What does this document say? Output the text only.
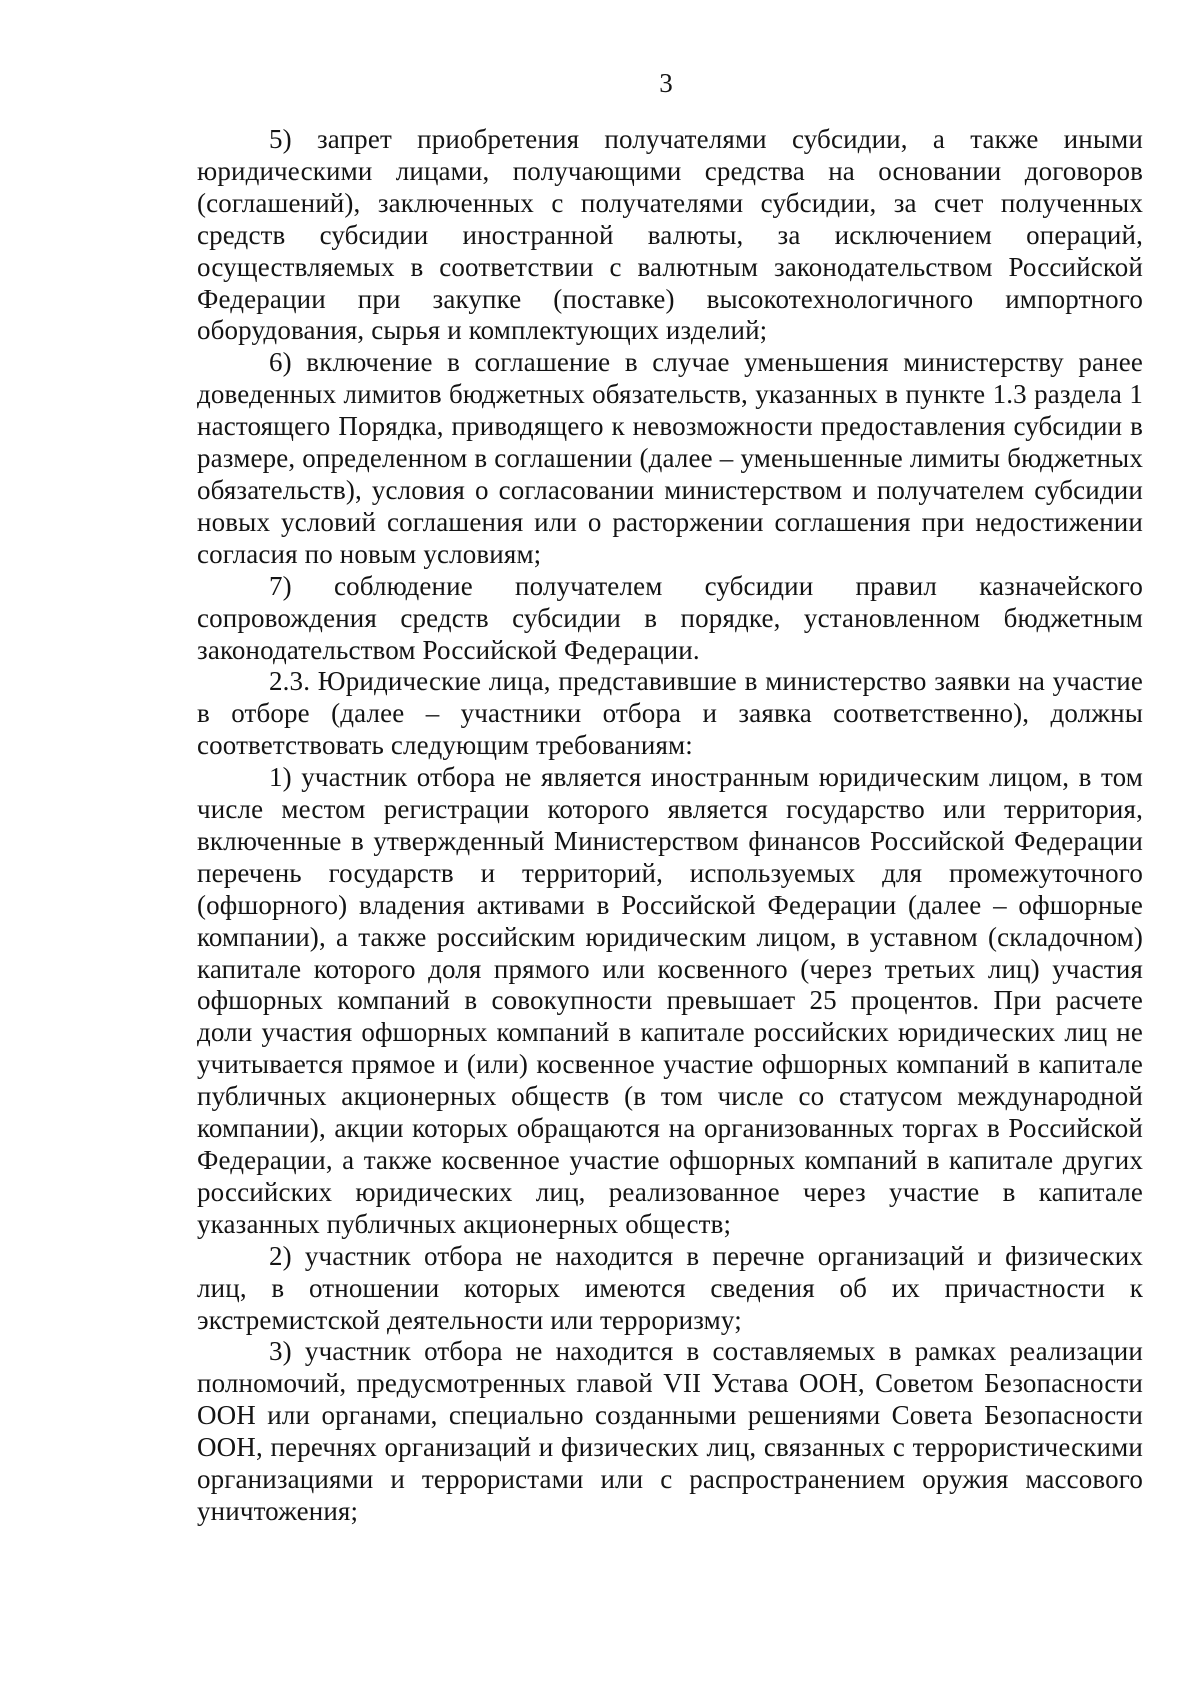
3

5) запрет приобретения получателями субсидии, а также иными юридическими лицами, получающими средства на основании договоров (соглашений), заключенных с получателями субсидии, за счет полученных средств субсидии иностранной валюты, за исключением операций, осуществляемых в соответствии с валютным законодательством Российской Федерации при закупке (поставке) высокотехнологичного импортного оборудования, сырья и комплектующих изделий;

6) включение в соглашение в случае уменьшения министерству ранее доведенных лимитов бюджетных обязательств, указанных в пункте 1.3 раздела 1 настоящего Порядка, приводящего к невозможности предоставления субсидии в размере, определенном в соглашении (далее – уменьшенные лимиты бюджетных обязательств), условия о согласовании министерством и получателем субсидии новых условий соглашения или о расторжении соглашения при недостижении согласия по новым условиям;

7) соблюдение получателем субсидии правил казначейского сопровождения средств субсидии в порядке, установленном бюджетным законодательством Российской Федерации.

2.3. Юридические лица, представившие в министерство заявки на участие в отборе (далее – участники отбора и заявка соответственно), должны соответствовать следующим требованиям:

1) участник отбора не является иностранным юридическим лицом, в том числе местом регистрации которого является государство или территория, включенные в утвержденный Министерством финансов Российской Федерации перечень государств и территорий, используемых для промежуточного (офшорного) владения активами в Российской Федерации (далее – офшорные компании), а также российским юридическим лицом, в уставном (складочном) капитале которого доля прямого или косвенного (через третьих лиц) участия офшорных компаний в совокупности превышает 25 процентов. При расчете доли участия офшорных компаний в капитале российских юридических лиц не учитывается прямое и (или) косвенное участие офшорных компаний в капитале публичных акционерных обществ (в том числе со статусом международной компании), акции которых обращаются на организованных торгах в Российской Федерации, а также косвенное участие офшорных компаний в капитале других российских юридических лиц, реализованное через участие в капитале указанных публичных акционерных обществ;

2) участник отбора не находится в перечне организаций и физических лиц, в отношении которых имеются сведения об их причастности к экстремистской деятельности или терроризму;

3) участник отбора не находится в составляемых в рамках реализации полномочий, предусмотренных главой VII Устава ООН, Советом Безопасности ООН или органами, специально созданными решениями Совета Безопасности ООН, перечнях организаций и физических лиц, связанных с террористическими организациями и террористами или с распространением оружия массового уничтожения;
